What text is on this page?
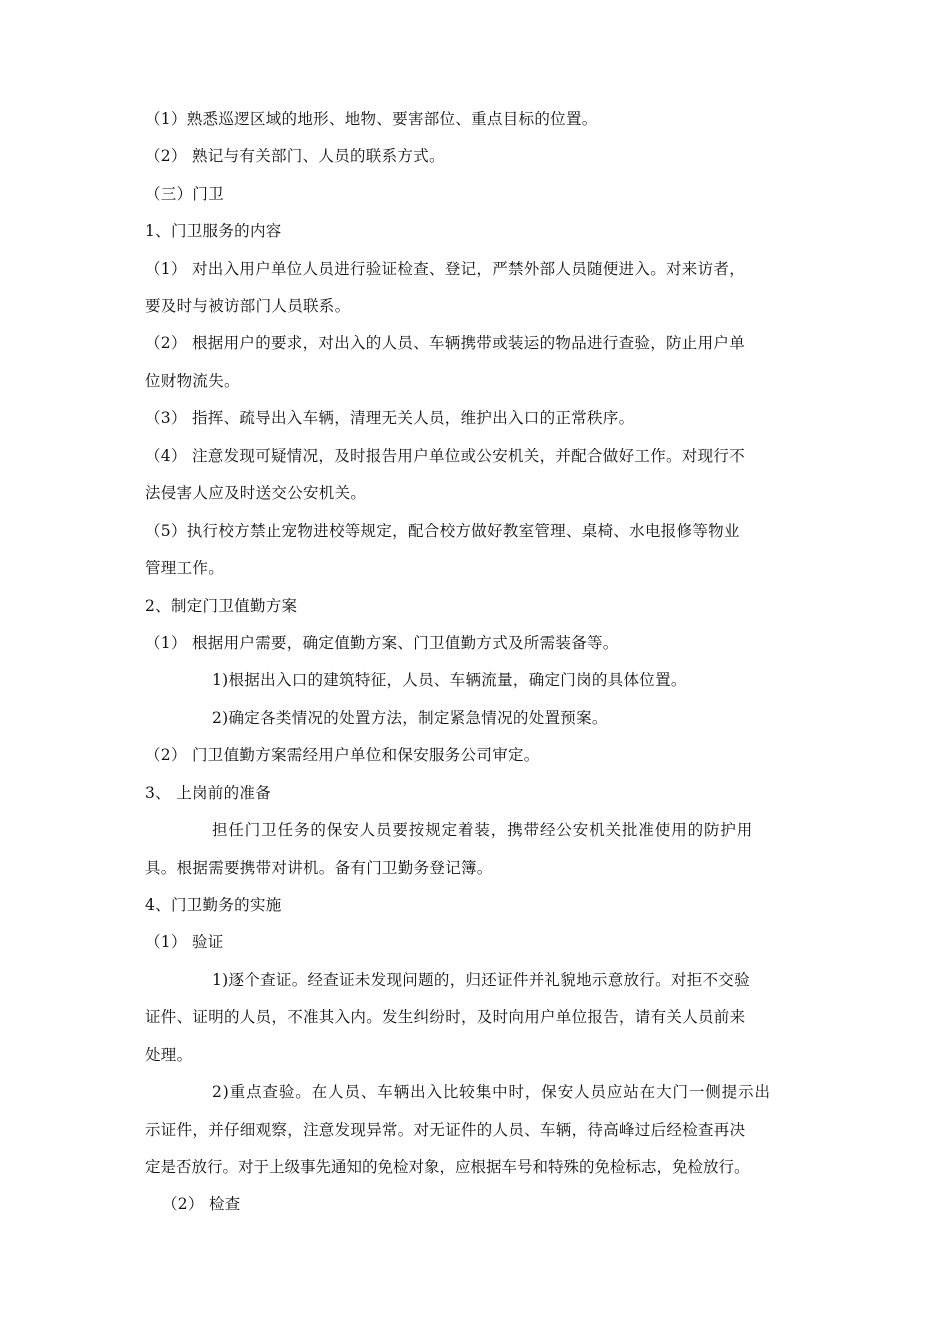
（1）熟悉巡逻区域的地形、地物、要害部位、重点目标的位置。
（2） 熟记与有关部门、人员的联系方式。
（三）门卫
1、门卫服务的内容
（1） 对出入用户单位人员进行验证检查、登记，严禁外部人员随便进入。对来访者，
要及时与被访部门人员联系。
（2） 根据用户的要求，对出入的人员、车辆携带或装运的物品进行查验，防止用户单
位财物流失。
（3） 指挥、疏导出入车辆，清理无关人员，维护出入口的正常秩序。
（4） 注意发现可疑情况，及时报告用户单位或公安机关，并配合做好工作。对现行不
法侵害人应及时送交公安机关。
（5）执行校方禁止宠物进校等规定，配合校方做好教室管理、桌椅、水电报修等物业
管理工作。
2、制定门卫值勤方案
（1） 根据用户需要，确定值勤方案、门卫值勤方式及所需装备等。
1)根据出入口的建筑特征，人员、车辆流量，确定门岗的具体位置。
2)确定各类情况的处置方法，制定紧急情况的处置预案。
（2） 门卫值勤方案需经用户单位和保安服务公司审定。
3、 上岗前的准备
担任门卫任务的保安人员要按规定着装，携带经公安机关批准使用的防护用
具。根据需要携带对讲机。备有门卫勤务登记簿。
4、门卫勤务的实施
（1） 验证
1)逐个查证。经查证未发现问题的，归还证件并礼貌地示意放行。对拒不交验
证件、证明的人员，不准其入内。发生纠纷时，及时向用户单位报告，请有关人员前来
处理。
2)重点查验。在人员、车辆出入比较集中时，保安人员应站在大门一侧提示出
示证件，并仔细观察，注意发现异常。对无证件的人员、车辆，待高峰过后经检查再决
定是否放行。对于上级事先通知的免检对象，应根据车号和特殊的免检标志，免检放行。
（2） 检查
